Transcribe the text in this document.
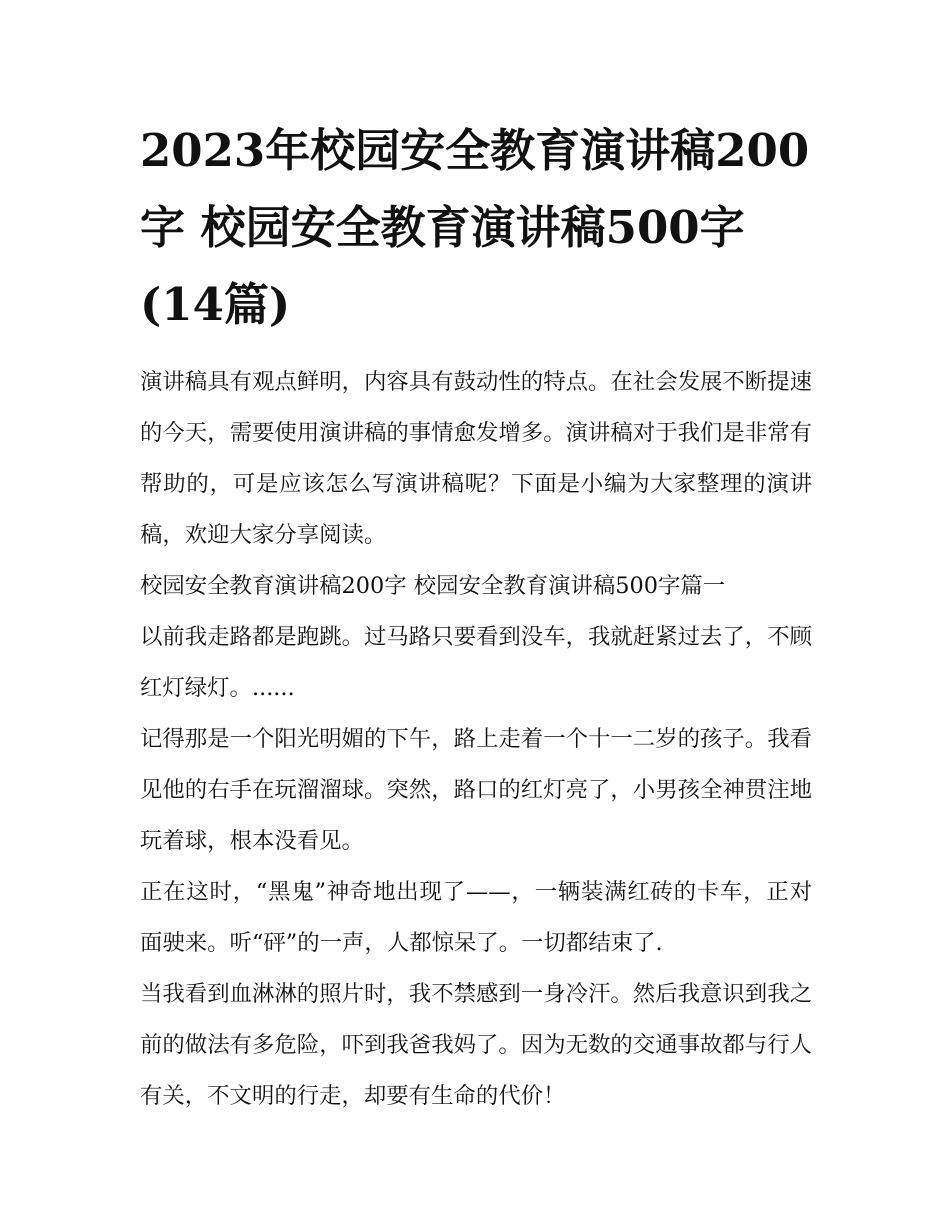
2023年校园安全教育演讲稿200字 校园安全教育演讲稿500字(14篇)

演讲稿具有观点鲜明，内容具有鼓动性的特点。在社会发展不断提速的今天，需要使用演讲稿的事情愈发增多。演讲稿对于我们是非常有帮助的，可是应该怎么写演讲稿呢？下面是小编为大家整理的演讲稿，欢迎大家分享阅读。

校园安全教育演讲稿200字 校园安全教育演讲稿500字篇一

以前我走路都是跑跳。过马路只要看到没车，我就赶紧过去了，不顾红灯绿灯。......

记得那是一个阳光明媚的下午，路上走着一个十一二岁的孩子。我看见他的右手在玩溜溜球。突然，路口的红灯亮了，小男孩全神贯注地玩着球，根本没看见。

正在这时，“黑鬼”神奇地出现了——，一辆装满红砖的卡车，正对面驶来。听“砰”的一声，人都惊呆了。一切都结束了.

当我看到血淋淋的照片时，我不禁感到一身冷汗。然后我意识到我之前的做法有多危险，吓到我爸我妈了。因为无数的交通事故都与行人有关，不文明的行走，却要有生命的代价！
